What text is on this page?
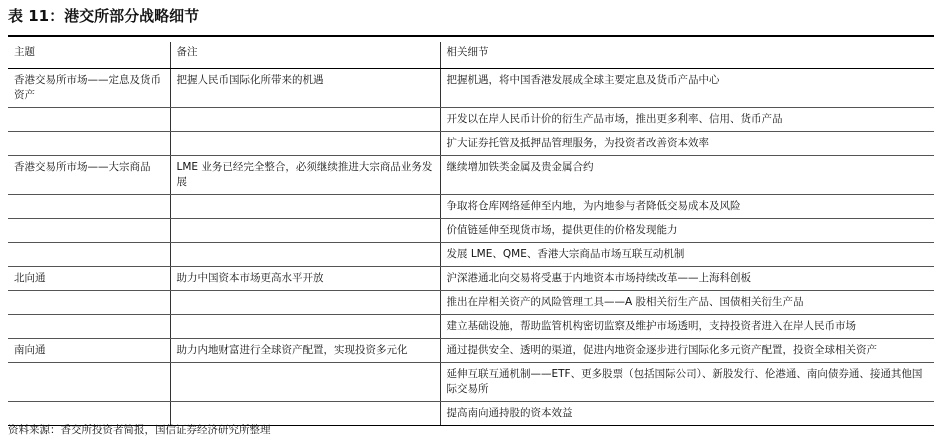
表 11：港交所部分战略细节
主题	备注	相关细节
香港交易所市场——定息及货币资产	把握人民币国际化所带来的机遇	把握机遇，将中国香港发展成全球主要定息及货币产品中心
		开发以在岸人民币计价的衍生产品市场，推出更多利率、信用、货币产品
		扩大证券托管及抵押品管理服务，为投资者改善资本效率
香港交易所市场——大宗商品	LME 业务已经完全整合，必须继续推进大宗商品业务发展	继续增加铁类金属及贵金属合约
		争取将仓库网络延伸至内地，为内地参与者降低交易成本及风险
		价值链延伸至现货市场，提供更佳的价格发现能力
		发展 LME、QME、香港大宗商品市场互联互动机制
北向通	助力中国资本市场更高水平开放	沪深港通北向交易将受惠于内地资本市场持续改革——上海科创板
		推出在岸相关资产的风险管理工具——A 股相关衍生产品、国债相关衍生产品
		建立基础设施，帮助监管机构密切监察及维护市场透明，支持投资者进入在岸人民币市场
南向通	助力内地财富进行全球资产配置，实现投资多元化	通过提供安全、透明的渠道，促进内地资金逐步进行国际化多元资产配置，投资全球相关资产
		延伸互联互通机制——ETF、更多股票（包括国际公司）、新股发行、伦港通、南向债券通、接通其他国际交易所
		提高南向通持股的资本效益
资料来源：香交所投资者简报，国信证券经济研究所整理
